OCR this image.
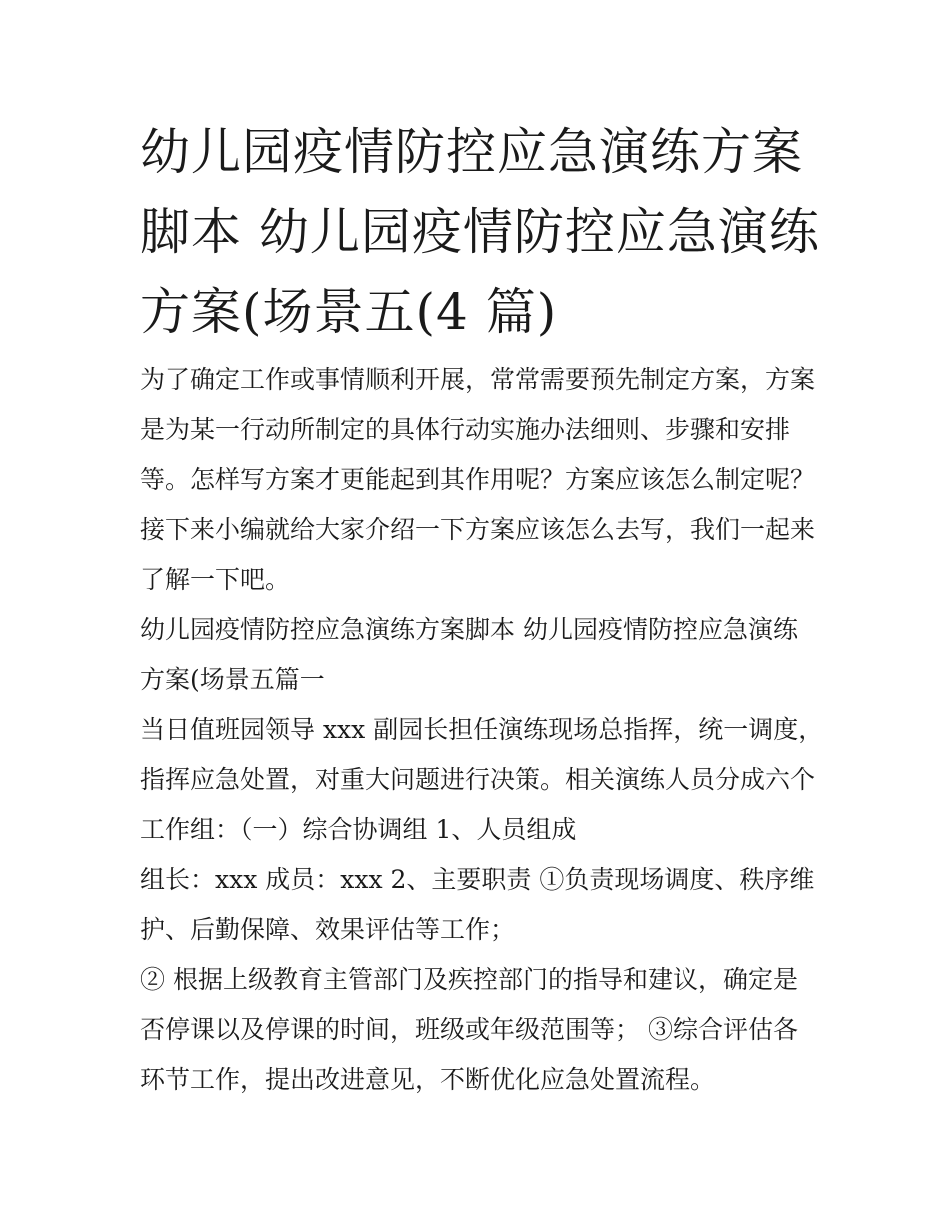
幼儿园疫情防控应急演练方案
脚本 幼儿园疫情防控应急演练
方案(场景五(4 篇)
为了确定工作或事情顺利开展，常常需要预先制定方案，方案
是为某一行动所制定的具体行动实施办法细则、步骤和安排
等。怎样写方案才更能起到其作用呢？方案应该怎么制定呢？
接下来小编就给大家介绍一下方案应该怎么去写，我们一起来
了解一下吧。
幼儿园疫情防控应急演练方案脚本 幼儿园疫情防控应急演练
方案(场景五篇一
当日值班园领导 xxx 副园长担任演练现场总指挥，统一调度，
指挥应急处置，对重大问题进行决策。相关演练人员分成六个
工作组：（一）综合协调组 1、人员组成
组长：xxx 成员：xxx 2、主要职责 ①负责现场调度、秩序维
护、后勤保障、效果评估等工作；
② 根据上级教育主管部门及疾控部门的指导和建议，确定是
否停课以及停课的时间，班级或年级范围等； ③综合评估各
环节工作，提出改进意见，不断优化应急处置流程。
